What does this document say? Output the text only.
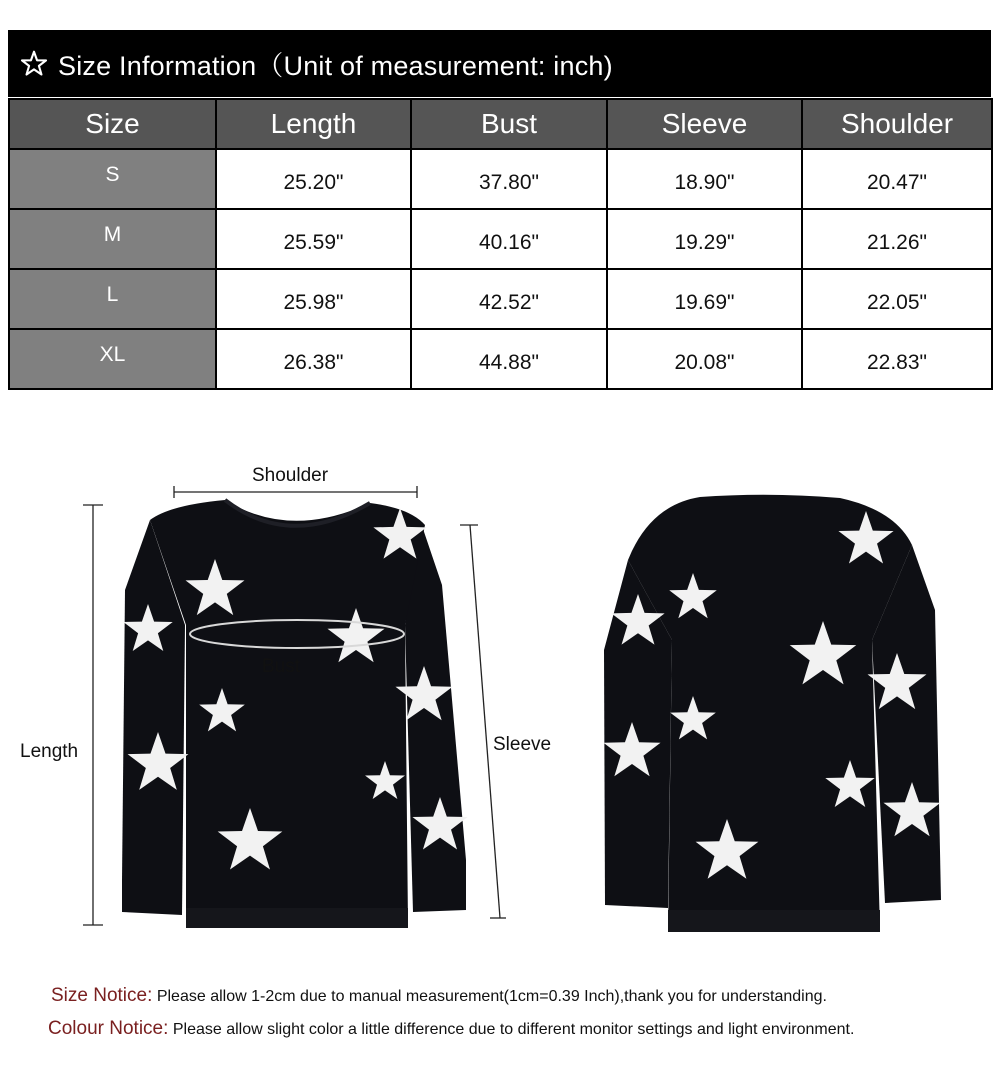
Size Information（Unit of measurement: inch)
Size	Length	Bust	Sleeve	Shoulder
S	25.20"	37.80"	18.90"	20.47"
M	25.59"	40.16"	19.29"	21.26"
L	25.98"	42.52"	19.69"	22.05"
XL	26.38"	44.88"	20.08"	22.83"
Shoulder
Bust
Length	Sleeve
Size Notice: Please allow 1-2cm due to manual measurement(1cm=0.39 Inch),thank you for understanding.
Colour Notice: Please allow slight color a little difference due to different monitor settings and light environment.
